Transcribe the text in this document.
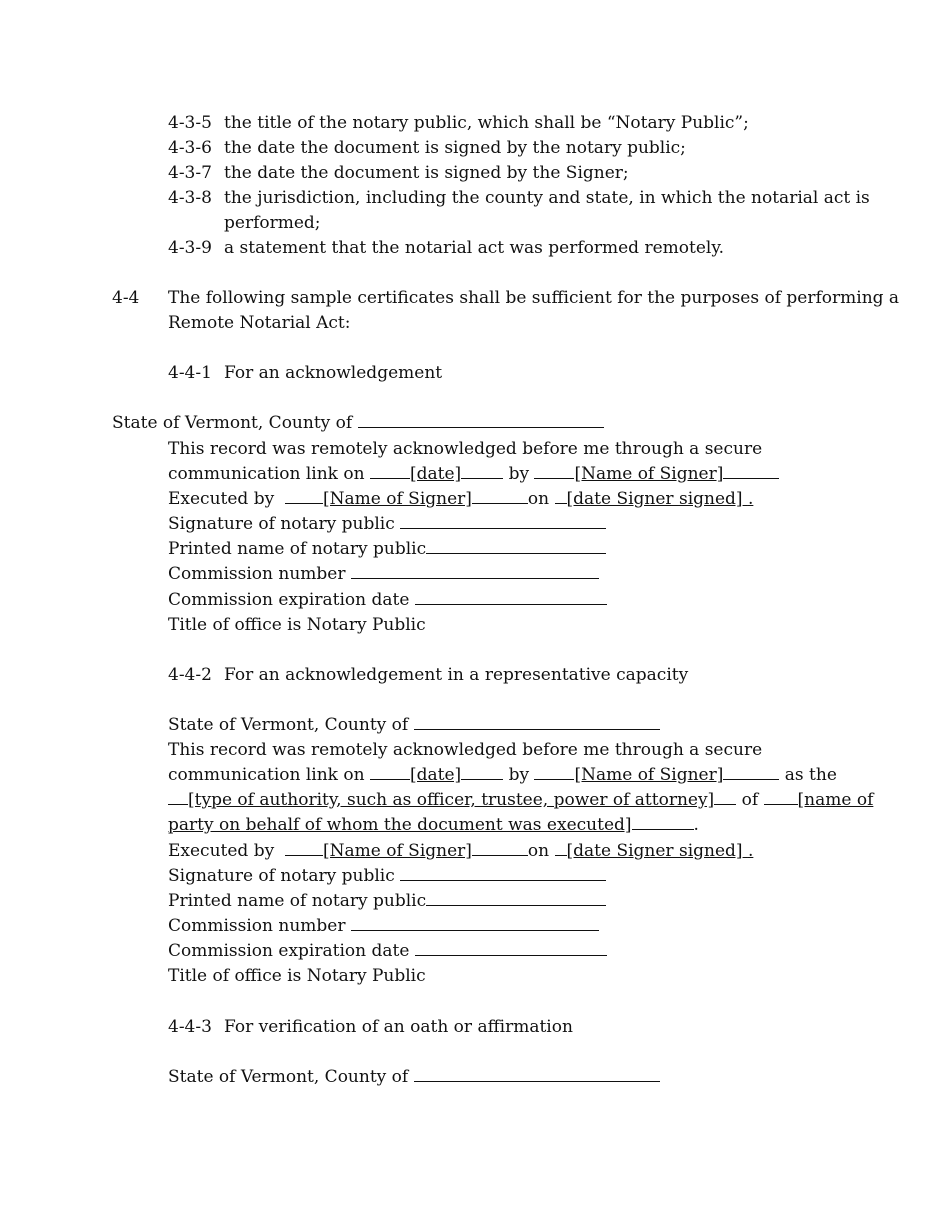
4-3-5 the title of the notary public, which shall be “Notary Public”;
4-3-6 the date the document is signed by the notary public;
4-3-7 the date the document is signed by the Signer;
4-3-8 the jurisdiction, including the county and state, in which the notarial act is
performed;
4-3-9 a statement that the notarial act was performed remotely.
4-4 The following sample certificates shall be sufficient for the purposes of performing a
Remote Notarial Act:
4-4-1 For an acknowledgement
State of Vermont, County of
This record was remotely acknowledged before me through a secure
communication link on	[date]	by	[Name of Signer]
Executed by	[Name of Signer]	on [date Signer signed] .
Signature of notary public
Printed name of notary public
Commission number
Commission expiration date
Title of office is Notary Public
4-4-2 For an acknowledgement in a representative capacity
State of Vermont, County of
This record was remotely acknowledged before me through a secure
communication link on	[date]	by	[Name of Signer]	as the
[type of authority, such as officer, trustee, power of attorney] of [name of
party on behalf of whom the document was executed]	.
Executed by	[Name of Signer]	on [date Signer signed] .
Signature of notary public
Printed name of notary public
Commission number
Commission expiration date
Title of office is Notary Public
4-4-3 For verification of an oath or affirmation
State of Vermont, County of
